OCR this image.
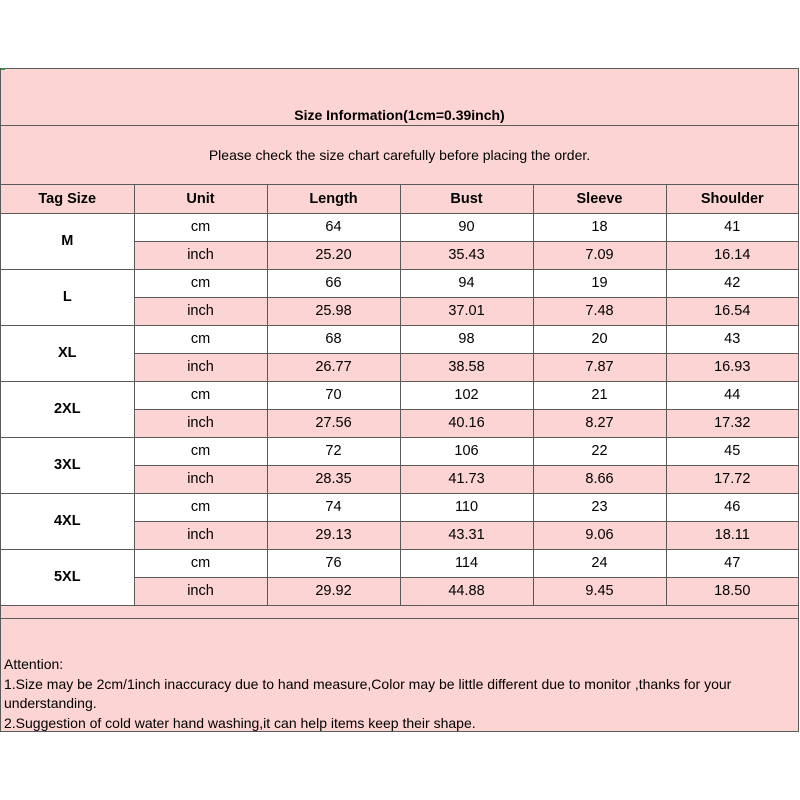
Size Information(1cm=0.39inch)
Please check the size chart carefully before placing the order.
Tag Size	Unit	Length	Bust	Sleeve	Shoulder
M	cm	64	90	18	41
	inch	25.20	35.43	7.09	16.14
L	cm	66	94	19	42
	inch	25.98	37.01	7.48	16.54
XL	cm	68	98	20	43
	inch	26.77	38.58	7.87	16.93
2XL	cm	70	102	21	44
	inch	27.56	40.16	8.27	17.32
3XL	cm	72	106	22	45
	inch	28.35	41.73	8.66	17.72
4XL	cm	74	110	23	46
	inch	29.13	43.31	9.06	18.11
5XL	cm	76	114	24	47
	inch	29.92	44.88	9.45	18.50

Attention:

1.Size may be 2cm/1inch inaccuracy due to hand measure,Color may be little different due to monitor ,thanks for your understanding.

2.Suggestion of cold water hand washing,it can help items keep their shape.
